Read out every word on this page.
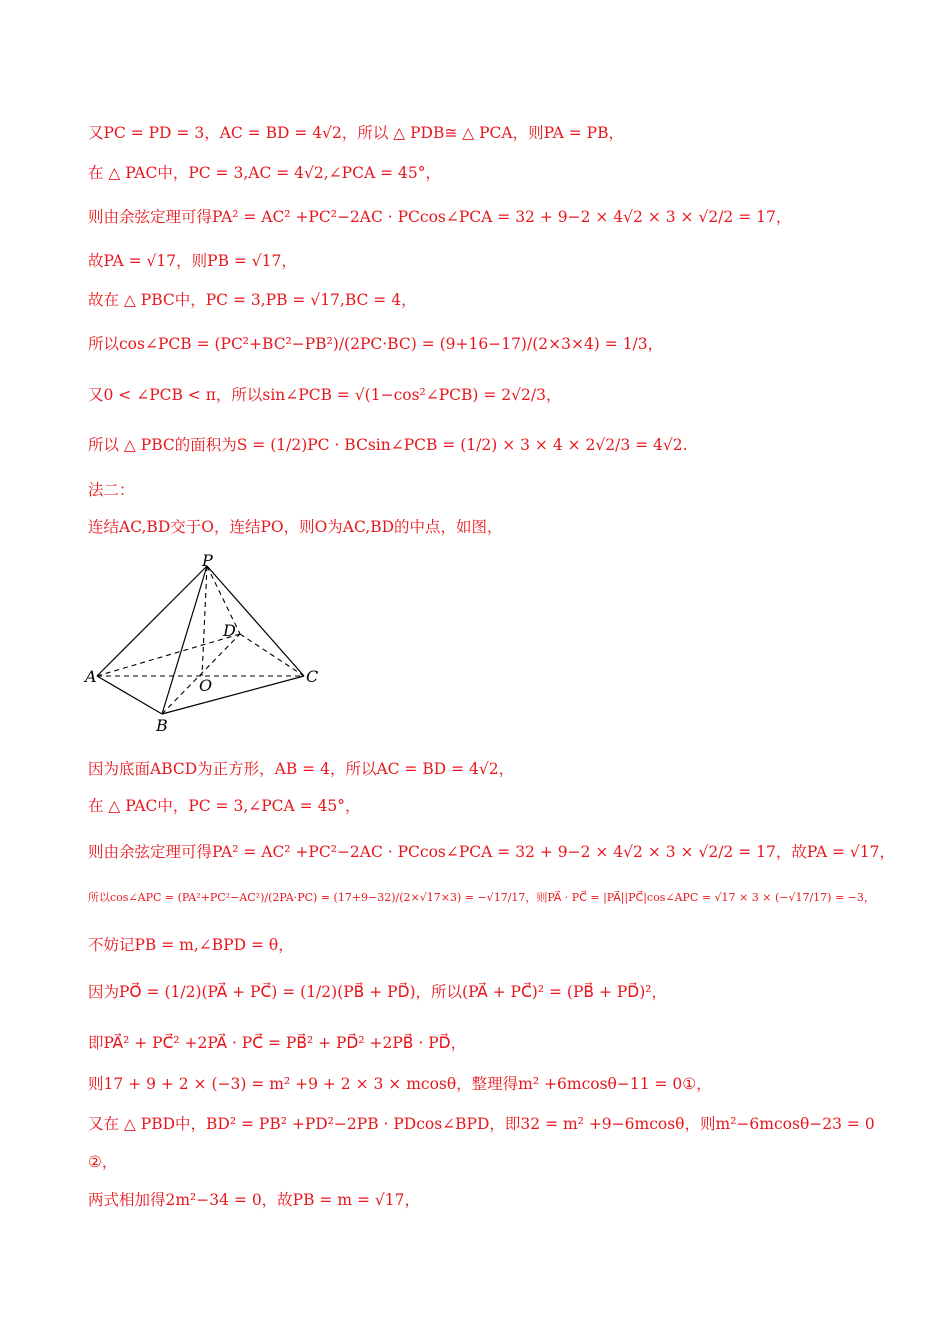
又PC = PD = 3，AC = BD = 4√2，所以 △ PDB≅ △ PCA，则PA = PB，
在 △ PAC中，PC = 3,AC = 4√2,∠PCA = 45°，
则由余弦定理可得PA² = AC² +PC²−2AC · PCcos∠PCA = 32 + 9−2 × 4√2 × 3 × √2/2 = 17，
故PA = √17，则PB = √17，
故在 △ PBC中，PC = 3,PB = √17,BC = 4，
所以cos∠PCB = (PC²+BC²−PB²)/(2PC·BC) = (9+16−17)/(2×3×4) = 1/3，
又0 < ∠PCB < π，所以sin∠PCB = √(1−cos²∠PCB) = 2√2/3，
所以 △ PBC的面积为S = (1/2)PC · BCsin∠PCB = (1/2) × 3 × 4 × 2√2/3 = 4√2.
法二：
连结AC,BD交于O，连结PO，则O为AC,BD的中点，如图，
因为底面ABCD为正方形，AB = 4，所以AC = BD = 4√2，
在 △ PAC中，PC = 3,∠PCA = 45°，
则由余弦定理可得PA² = AC² +PC²−2AC · PCcos∠PCA = 32 + 9−2 × 4√2 × 3 × √2/2 = 17，故PA = √17，
所以cos∠APC = (PA²+PC²−AC²)/(2PA·PC) = (17+9−32)/(2×√17×3) = −√17/17，则PA⃗ · PC⃗ = |PA⃗||PC⃗|cos∠APC = √17 × 3 × (−√17/17) = −3，
不妨记PB = m,∠BPD = θ，
因为PO⃗ = (1/2)(PA⃗ + PC⃗) = (1/2)(PB⃗ + PD⃗)，所以(PA⃗ + PC⃗)² = (PB⃗ + PD⃗)²，
即PA⃗² + PC⃗² +2PA⃗ · PC⃗ = PB⃗² + PD⃗² +2PB⃗ · PD⃗，
则17 + 9 + 2 × (−3) = m² +9 + 2 × 3 × mcosθ，整理得m² +6mcosθ−11 = 0①，
又在 △ PBD中，BD² = PB² +PD²−2PB · PDcos∠BPD，即32 = m² +9−6mcosθ，则m²−6mcosθ−23 = 0
②，
两式相加得2m²−34 = 0，故PB = m = √17，
P
D
A	O	C
B
